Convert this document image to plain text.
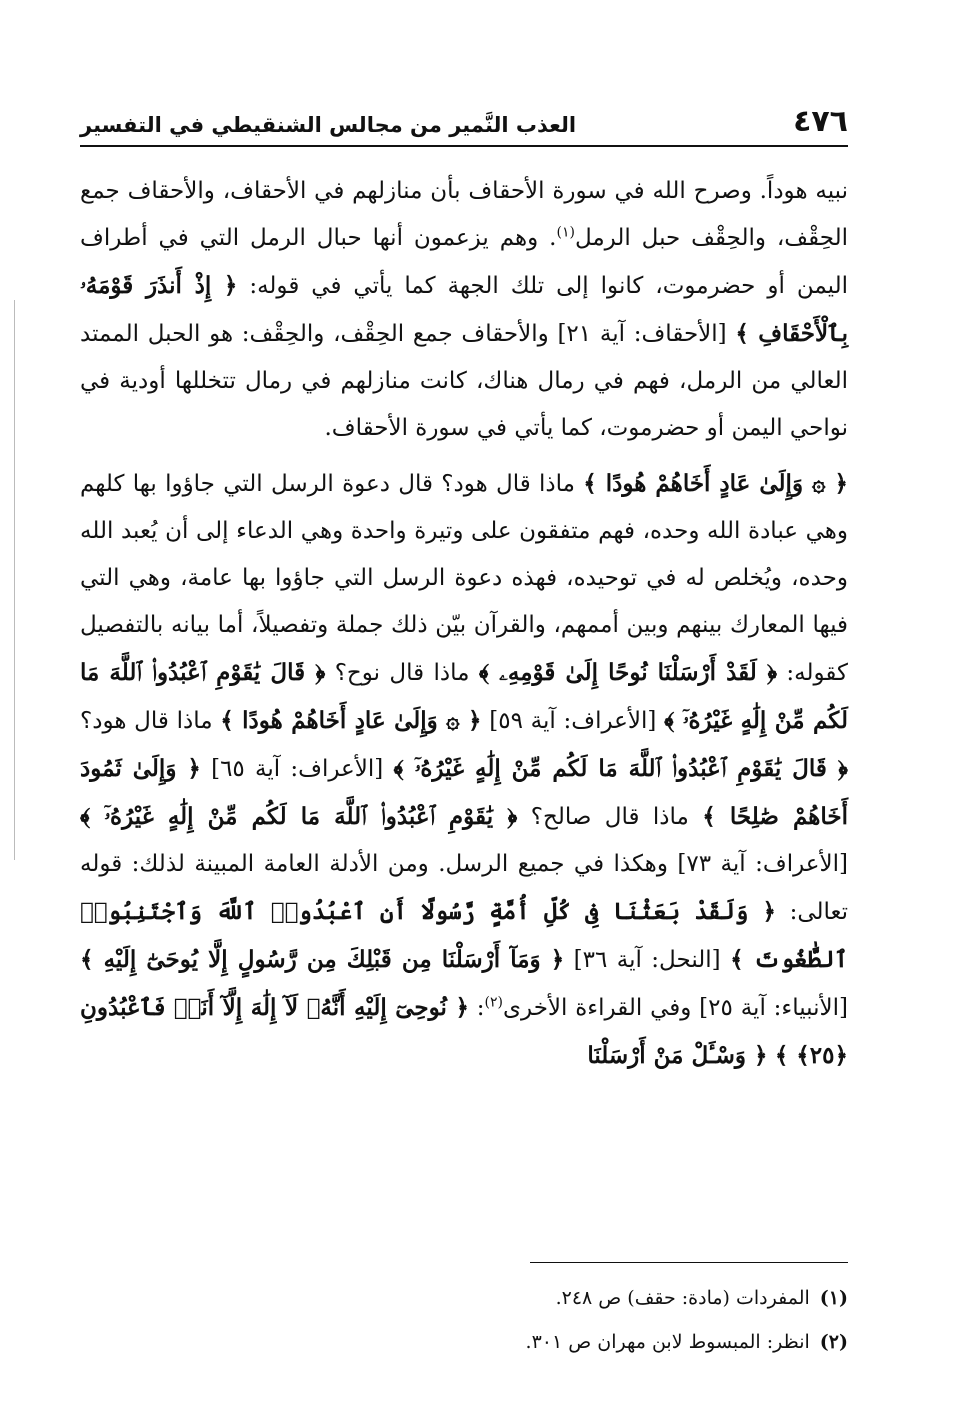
٤٧٦
العذب النَّمير من مجالس الشنقيطي في التفسير

نبيه هوداً. وصرح الله في سورة الأحقاف بأن منازلهم في الأحقاف، والأحقاف جمع الحِقْف، والحِقْف حبل الرمل$^{(١)}$. وهم يزعمون أنها حبال الرمل التي في أطراف اليمن أو حضرموت، كانوا إلى تلك الجهة كما يأتي في قوله: ﴿ إِذْ أَنذَرَ قَوْمَهُۥ بِٱلْأَحْقَافِ ﴾ [الأحقاف: آية ٢١] والأحقاف جمع الحِقْف، والحِقْف: هو الحبل الممتد العالي من الرمل، فهم في رمال هناك، كانت منازلهم في رمال تتخللها أودية في نواحي اليمن أو حضرموت، كما يأتي في سورة الأحقاف.

﴿ ۞ وَإِلَىٰ عَادٍ أَخَاهُمْ هُودًا ﴾ ماذا قال هود؟ قال دعوة الرسل التي جاؤوا بها كلهم وهي عبادة الله وحده، فهم متفقون على وتيرة واحدة وهي الدعاء إلى أن يُعبد الله وحده، ويُخلص له في توحيده، فهذه دعوة الرسل التي جاؤوا بها عامة، وهي التي فيها المعارك بينهم وبين أممهم، والقرآن بيّن ذلك جملة وتفصيلاً، أما بيانه بالتفصيل كقوله: ﴿ لَقَدْ أَرْسَلْنَا نُوحًا إِلَىٰ قَوْمِهِۦ ﴾ ماذا قال نوح؟ ﴿ قَالَ يَٰقَوْمِ ٱعْبُدُوا۟ ٱللَّهَ مَا لَكُم مِّنْ إِلَٰهٍ غَيْرُهُۥٓ ﴾ [الأعراف: آية ٥٩] ﴿ ۞ وَإِلَىٰ عَادٍ أَخَاهُمْ هُودًا ﴾ ماذا قال هود؟ ﴿ قَالَ يَٰقَوْمِ ٱعْبُدُوا۟ ٱللَّهَ مَا لَكُم مِّنْ إِلَٰهٍ غَيْرُهُۥٓ ﴾ [الأعراف: آية ٦٥] ﴿ وَإِلَىٰ ثَمُودَ أَخَاهُمْ صَٰلِحًا ﴾ ماذا قال صالح؟ ﴿ يَٰقَوْمِ ٱعْبُدُوا۟ ٱللَّهَ مَا لَكُم مِّنْ إِلَٰهٍ غَيْرُهُۥٓ ﴾ [الأعراف: آية ٧٣] وهكذا في جميع الرسل. ومن الأدلة العامة المبينة لذلك: قوله تعالى: ﴿ وَلَقَدْ بَعَثْنَا فِى كُلِّ أُمَّةٍ رَّسُولًا أَنِ ٱعْبُدُوا۟ ٱللَّهَ وَٱجْتَنِبُوا۟ ٱلطَّٰغُوتَ ﴾ [النحل: آية ٣٦] ﴿ وَمَآ أَرْسَلْنَا مِن قَبْلِكَ مِن رَّسُولٍ إِلَّا يُوحَىٰٓ إِلَيْهِ ﴾ [الأنبياء: آية ٢٥] وفي القراءة الأخرى$^{(٢)}$: ﴿ نُوحِىٓ إِلَيْهِ أَنَّهُۥ لَآ إِلَٰهَ إِلَّآ أَنَا۠ فَٱعْبُدُونِ ﴿٢٥﴾ ﴾ ﴿ وَسْـَٔلْ مَنْ أَرْسَلْنَا

(١)المفردات (مادة: حقف) ص ٢٤٨.
(٢)انظر: المبسوط لابن مهران ص ٣٠١.
